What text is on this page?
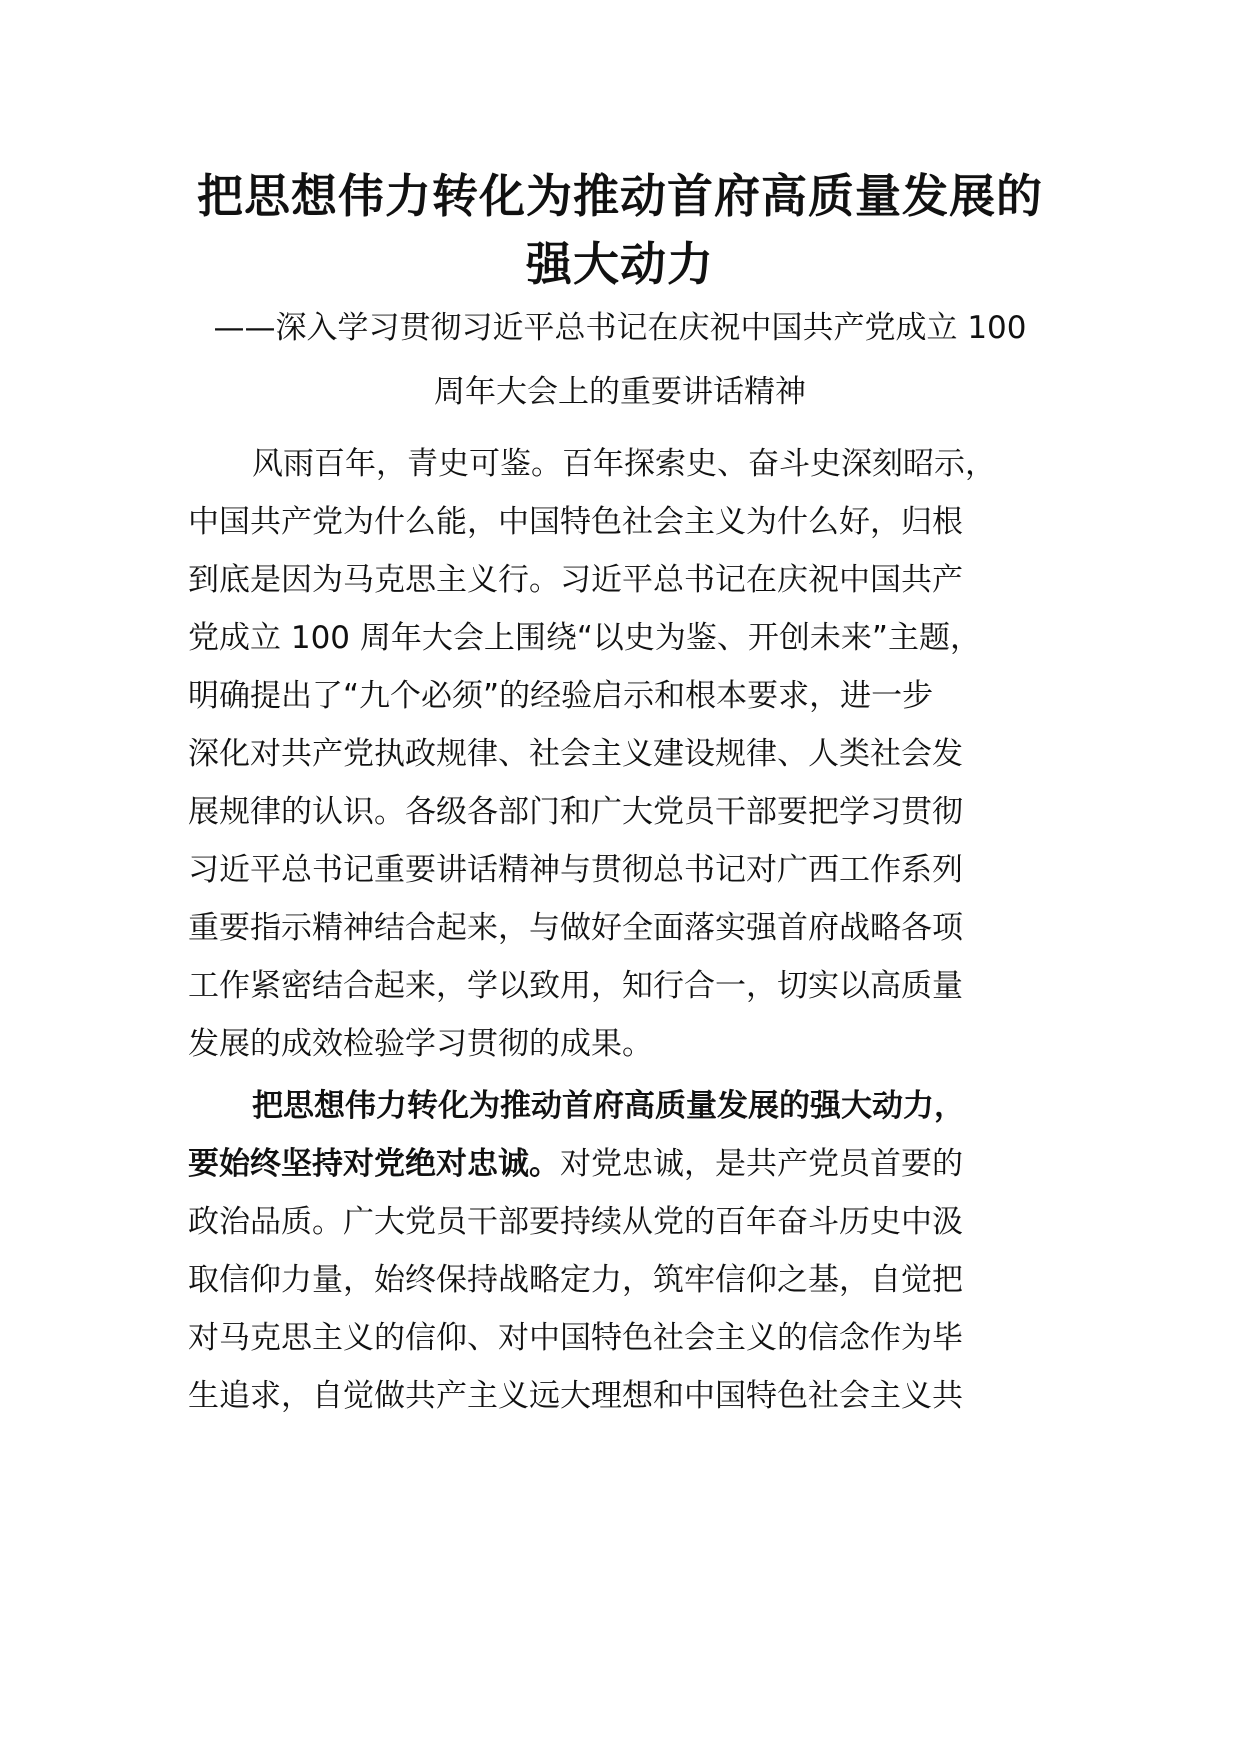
把思想伟力转化为推动首府高质量发展的
强大动力

——深入学习贯彻习近平总书记在庆祝中国共产党成立 100

周年大会上的重要讲话精神

风雨百年，青史可鉴。百年探索史、奋斗史深刻昭示，

中国共产党为什么能，中国特色社会主义为什么好，归根

到底是因为马克思主义行。习近平总书记在庆祝中国共产

党成立 100 周年大会上围绕“以史为鉴、开创未来”主题，

明确提出了“九个必须”的经验启示和根本要求，进一步

深化对共产党执政规律、社会主义建设规律、人类社会发

展规律的认识。各级各部门和广大党员干部要把学习贯彻

习近平总书记重要讲话精神与贯彻总书记对广西工作系列

重要指示精神结合起来，与做好全面落实强首府战略各项

工作紧密结合起来，学以致用，知行合一，切实以高质量

发展的成效检验学习贯彻的成果。

把思想伟力转化为推动首府高质量发展的强大动力，

要始终坚持对党绝对忠诚。对党忠诚，是共产党员首要的

政治品质。广大党员干部要持续从党的百年奋斗历史中汲

取信仰力量，始终保持战略定力，筑牢信仰之基，自觉把

对马克思主义的信仰、对中国特色社会主义的信念作为毕

生追求，自觉做共产主义远大理想和中国特色社会主义共
